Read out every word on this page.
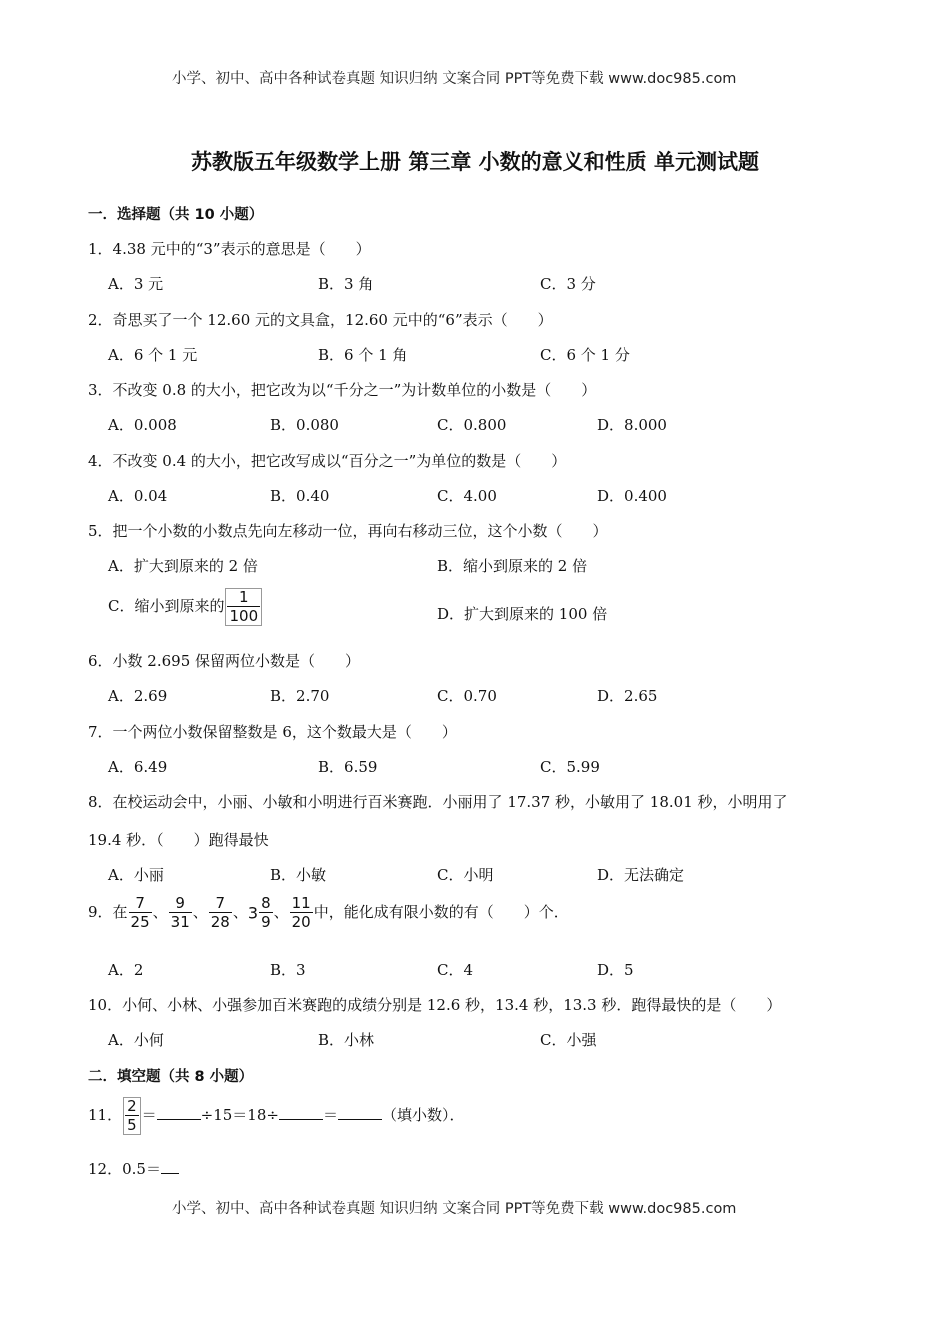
小学、初中、高中各种试卷真题 知识归纳 文案合同 PPT等免费下载 www.doc985.com
苏教版五年级数学上册 第三章 小数的意义和性质 单元测试题
一．选择题（共 10 小题）
1．4.38 元中的“3”表示的意思是（　　）
A．3 元	B．3 角	C．3 分
2．奇思买了一个 12.60 元的文具盒，12.60 元中的“6”表示（　　）
A．6 个 1 元	B．6 个 1 角	C．6 个 1 分
3．不改变 0.8 的大小，把它改为以“千分之一”为计数单位的小数是（　　）
A．0.008	B．0.080	C．0.800	D．8.000
4．不改变 0.4 的大小，把它改写成以“百分之一”为单位的数是（　　）
A．0.04	B．0.40	C．4.00	D．0.400
5．把一个小数的小数点先向左移动一位，再向右移动三位，这个小数（　　）
A．扩大到原来的 2 倍	B．缩小到原来的 2 倍
C．缩小到原来的 $\frac{1}{100}$	D．扩大到原来的 100 倍
6．小数 2.695 保留两位小数是（　　）
A．2.69	B．2.70	C．0.70	D．2.65
7．一个两位小数保留整数是 6，这个数最大是（　　）
A．6.49	B．6.59	C．5.99
8．在校运动会中，小丽、小敏和小明进行百米赛跑．小丽用了 17.37 秒，小敏用了 18.01 秒，小明用了
19.4 秒．（　　）跑得最快
A．小丽	B．小敏	C．小明	D．无法确定
9．在 $\frac{7}{25}$ 、 $\frac{9}{31}$ 、 $\frac{7}{28}$ 、$3 \frac{8}{9}$ 、 $\frac{11}{20}$ 中，能化成有限小数的有（　　）个．
A．2	B．3	C．4	D．5
10．小何、小林、小强参加百米赛跑的成绩分别是 12.6 秒，13.4 秒，13.3 秒．跑得最快的是（　　）
A．小何	B．小林	C．小强
二．填空题（共 8 小题）
11． $\frac{2}{5}$ ＝	÷15＝18÷	＝	（填小数）．
12．0.5＝
小学、初中、高中各种试卷真题 知识归纳 文案合同 PPT等免费下载 www.doc985.com
